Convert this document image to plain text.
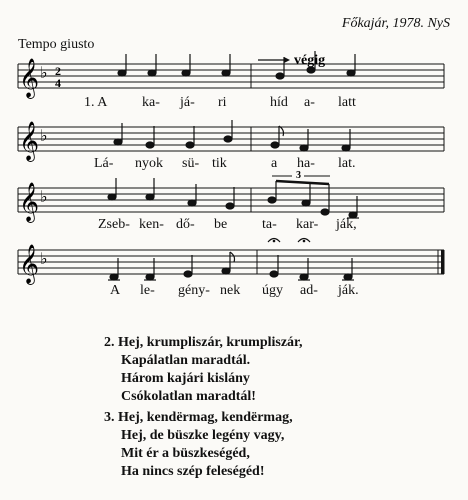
Főkajár, 1978. NyS
Tempo giusto
𝄞 ♭ 2
4
végig
1. A ka- já- ri	híd a- latt
𝄞 ♭
Lá- nyok sü- tik	a ha- lat.
𝄞 ♭
3
Zseb- ken- dő- be ta- kar- ják,
𝄞 ♭
A le- gény- nek úgy ad- ják.
2. Hej, krumpliszár, krumpliszár,
Kapálatlan maradtál.
Három kajári kislány
Csókolatlan maradtál!
3. Hej, kendërmag, kendërmag,
Hej, de büszke legény vagy,
Mit ér a büszkeségéd,
Ha nincs szép feleségéd!
